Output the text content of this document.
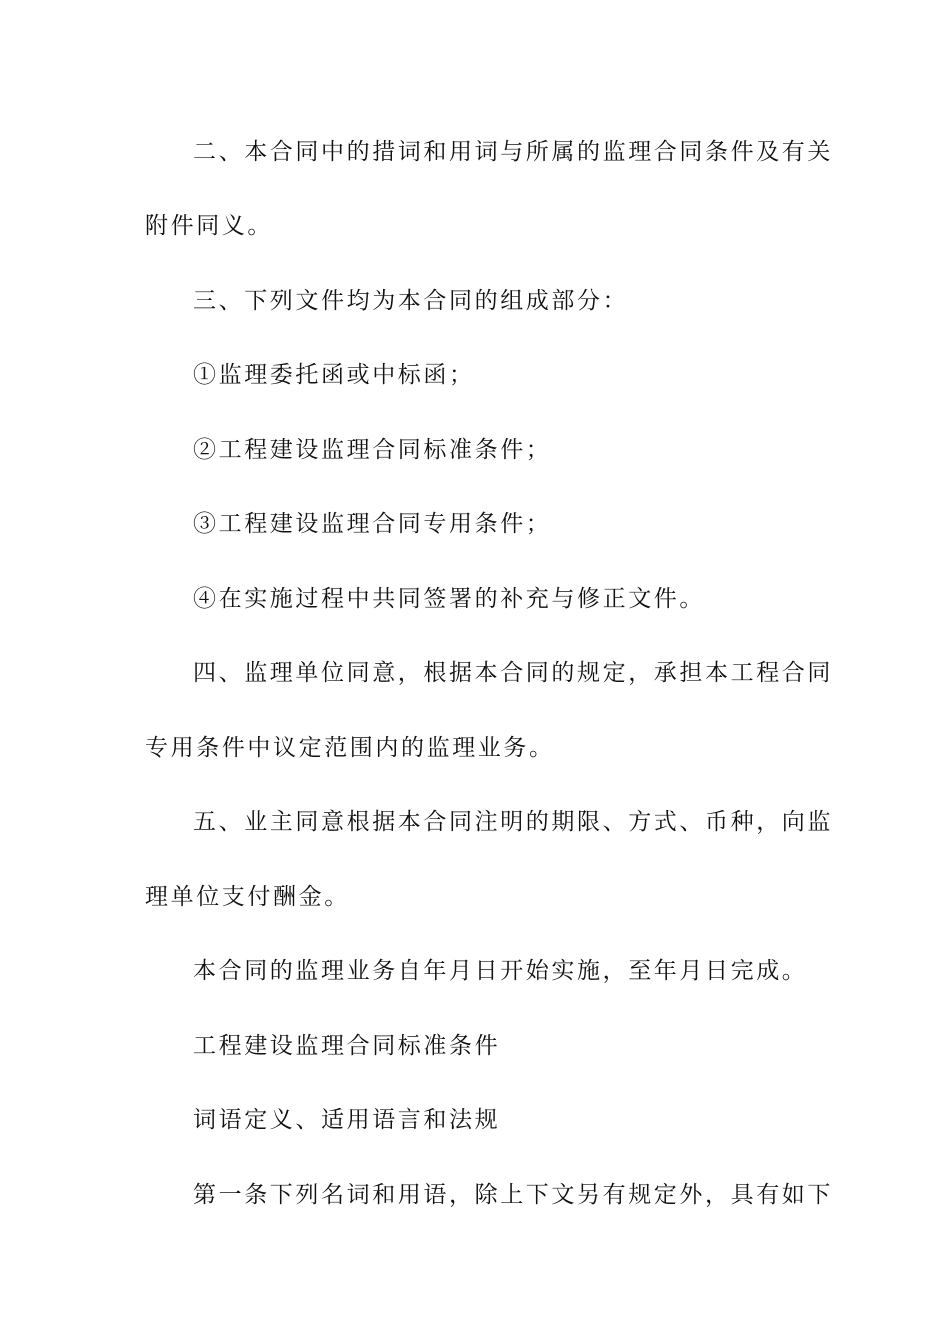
二、本合同中的措词和用词与所属的监理合同条件及有关
附件同义。
三、下列文件均为本合同的组成部分：
①监理委托函或中标函；
②工程建设监理合同标准条件；
③工程建设监理合同专用条件；
④在实施过程中共同签署的补充与修正文件。
四、监理单位同意，根据本合同的规定，承担本工程合同
专用条件中议定范围内的监理业务。
五、业主同意根据本合同注明的期限、方式、币种，向监
理单位支付酬金。
本合同的监理业务自年月日开始实施，至年月日完成。
工程建设监理合同标准条件
词语定义、适用语言和法规
第一条下列名词和用语，除上下文另有规定外，具有如下
